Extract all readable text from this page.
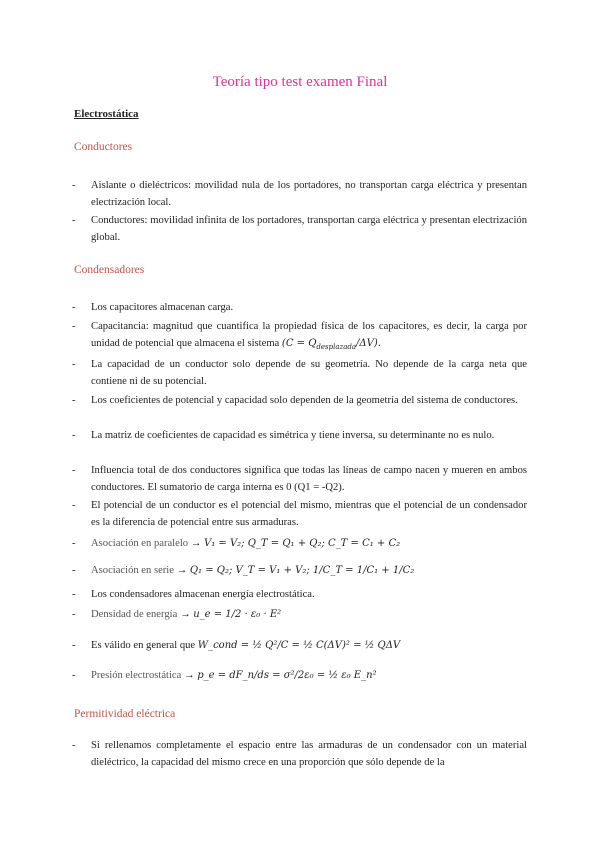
Teoría tipo test examen Final
Electrostática
Conductores
- Aislante o dieléctricos: movilidad nula de los portadores, no transportan carga eléctrica y presentan electrización local.
- Conductores: movilidad infinita de los portadores, transportan carga eléctrica y presentan electrización global.
Condensadores
- Los capacitores almacenan carga.
- Capacitancia: magnitud que cuantifica la propiedad física de los capacitores, es decir, la carga por unidad de potencial que almacena el sistema $(C = Q_{desplazada}/\Delta V)$.
- La capacidad de un conductor solo depende de su geometría. No depende de la carga neta que contiene ni de su potencial.
- Los coeficientes de potencial y capacidad solo dependen de la geometría del sistema de conductores.
- La matriz de coeficientes de capacidad es simétrica y tiene inversa, su determinante no es nulo.
- Influencia total de dos conductores significa que todas las líneas de campo nacen y mueren en ambos conductores. El sumatorio de carga interna es 0 (Q1 = -Q2).
- El potencial de un conductor es el potencial del mismo, mientras que el potencial de un condensador es la diferencia de potencial entre sus armaduras.
- Asociación en paralelo → V₁ = V₂; Q_T = Q₁ + Q₂; C_T = C₁ + C₂
- Asociación en serie → Q₁ = Q₂; V_T = V₁ + V₂; 1/C_T = 1/C₁ + 1/C₂
- Los condensadores almacenan energía electrostática.
- Densidad de energía → u_e = 1/2 · ε₀ · E²
- Es válido en general que W_cond = ½ Q²/C = ½ C(ΔV)² = ½ QΔV
- Presión electrostática → p_e = dF_n/ds = σ²/2ε₀ = ½ ε₀ E_n²
Permitividad eléctrica
- Si rellenamos completamente el espacio entre las armaduras de un condensador con un material dieléctrico, la capacidad del mismo crece en una proporción que sólo depende de la
